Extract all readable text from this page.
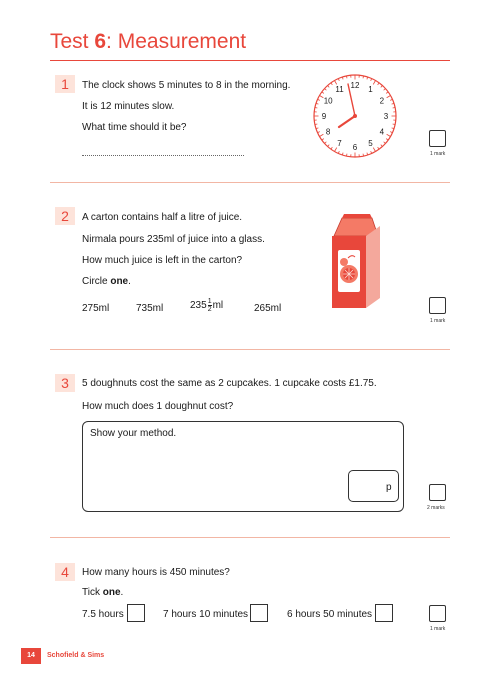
Test 6: Measurement
1	The clock shows 5 minutes to 8 in the morning.
It is 12 minutes slow.
What time should it be?
12 1
2
3
4
5
6
7
8
9
10
11
1 mark
2	A carton contains half a litre of juice.
Nirmala pours 235ml of juice into a glass.
How much juice is left in the carton?
Circle one.
275ml	735ml	$235 \frac{1}{2}$ ml	265ml
1 mark
3	5 doughnuts cost the same as 2 cupcakes. 1 cupcake costs £1.75.
How much does 1 doughnut cost?
Show your method.
p
2 marks
4	How many hours is 450 minutes?
Tick one.
7.5 hours	7 hours 10 minutes	6 hours 50 minutes
1 mark
14	Schofield & Sims
